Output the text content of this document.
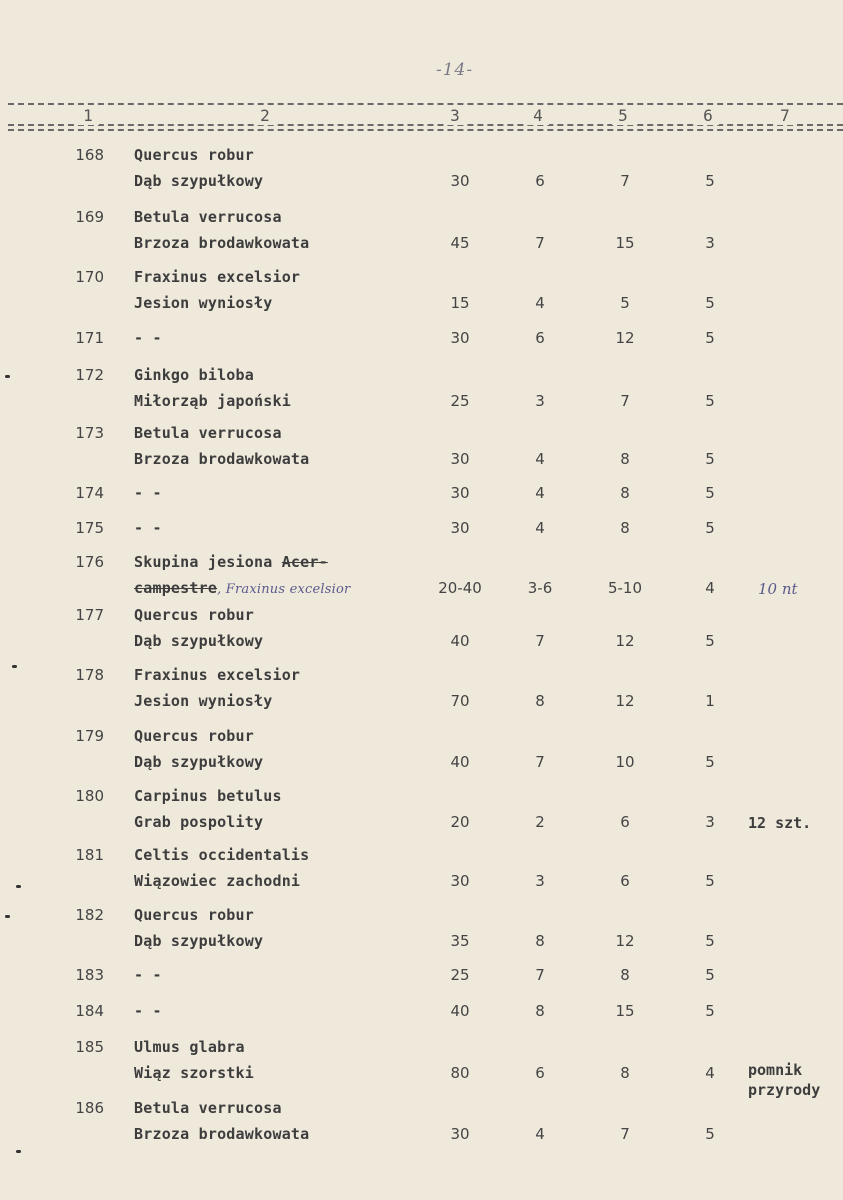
-14-
1	2	3	4	5	6	7
168 Quercus robur
Dąb szypułkowy	30	6	7	5
169 Betula verrucosa
Brzoza brodawkowata	45	7	15	3
170 Fraxinus excelsior
Jesion wyniosły	15	4	5	5
171 - -	30	6	12	5
172 Ginkgo biloba
Miłorząb japoński	25	3	7	5
173 Betula verrucosa
Brzoza brodawkowata	30	4	8	5
174 - -	30	4	8	5
175 - -	30	4	8	5
176 Skupina jesiona Acer-
campestre, Fraxinus excelsior	20-40	3-6	5-10	4	10 nt
177 Quercus robur
Dąb szypułkowy	40	7	12	5
178 Fraxinus excelsior
Jesion wyniosły	70	8	12	1
179 Quercus robur
Dąb szypułkowy	40	7	10	5
180 Carpinus betulus
Grab pospolity	20	2	6	3	12 szt.
181 Celtis occidentalis
Wiązowiec zachodni	30	3	6	5
182 Quercus robur
Dąb szypułkowy	35	8	12	5
183 - -	25	7	8	5
184 - -	40	8	15	5
185 Ulmus glabra
Wiąz szorstki	80	6	8	4	pomnik
przyrody
186 Betula verrucosa
Brzoza brodawkowata	30	4	7	5
